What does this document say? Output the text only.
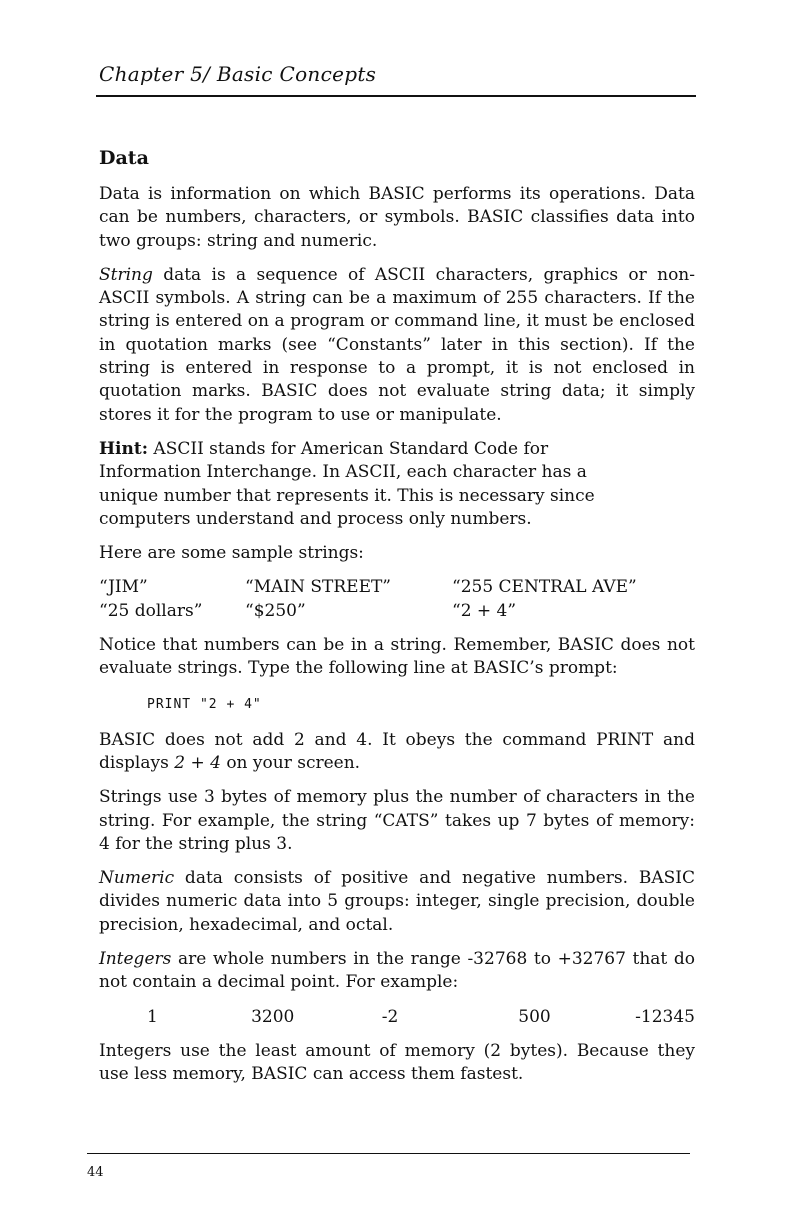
Chapter 5/ Basic Concepts
Data

Data is information on which BASIC performs its operations. Data can be numbers, characters, or symbols. BASIC classifies data into two groups: string and numeric.

String data is a sequence of ASCII characters, graphics or non-ASCII symbols. A string can be a maximum of 255 characters. If the string is entered on a program or command line, it must be enclosed in quotation marks (see “Constants” later in this section). If the string is entered in response to a prompt, it is not enclosed in quotation marks. BASIC does not evaluate string data; it simply stores it for the program to use or manipulate.

Hint: ASCII stands for American Standard Code for Information Interchange. In ASCII, each character has a unique number that represents it. This is necessary since computers understand and process only numbers.

Here are some sample strings:

“JIM”	“MAIN STREET”	“255 CENTRAL AVE”
“25 dollars”	“$250”	“2 + 4”

Notice that numbers can be in a string. Remember, BASIC does not evaluate strings. Type the following line at BASIC’s prompt:

PRINT "2 + 4"

BASIC does not add 2 and 4. It obeys the command PRINT and displays 2 + 4 on your screen.

Strings use 3 bytes of memory plus the number of characters in the string. For example, the string “CATS” takes up 7 bytes of memory: 4 for the string plus 3.

Numeric data consists of positive and negative numbers. BASIC divides numeric data into 5 groups: integer, single precision, double precision, hexadecimal, and octal.

Integers are whole numbers in the range -32768 to +32767 that do not contain a decimal point. For example:

1	3200	-2	500	-12345

Integers use the least amount of memory (2 bytes). Because they use less memory, BASIC can access them fastest.

44
